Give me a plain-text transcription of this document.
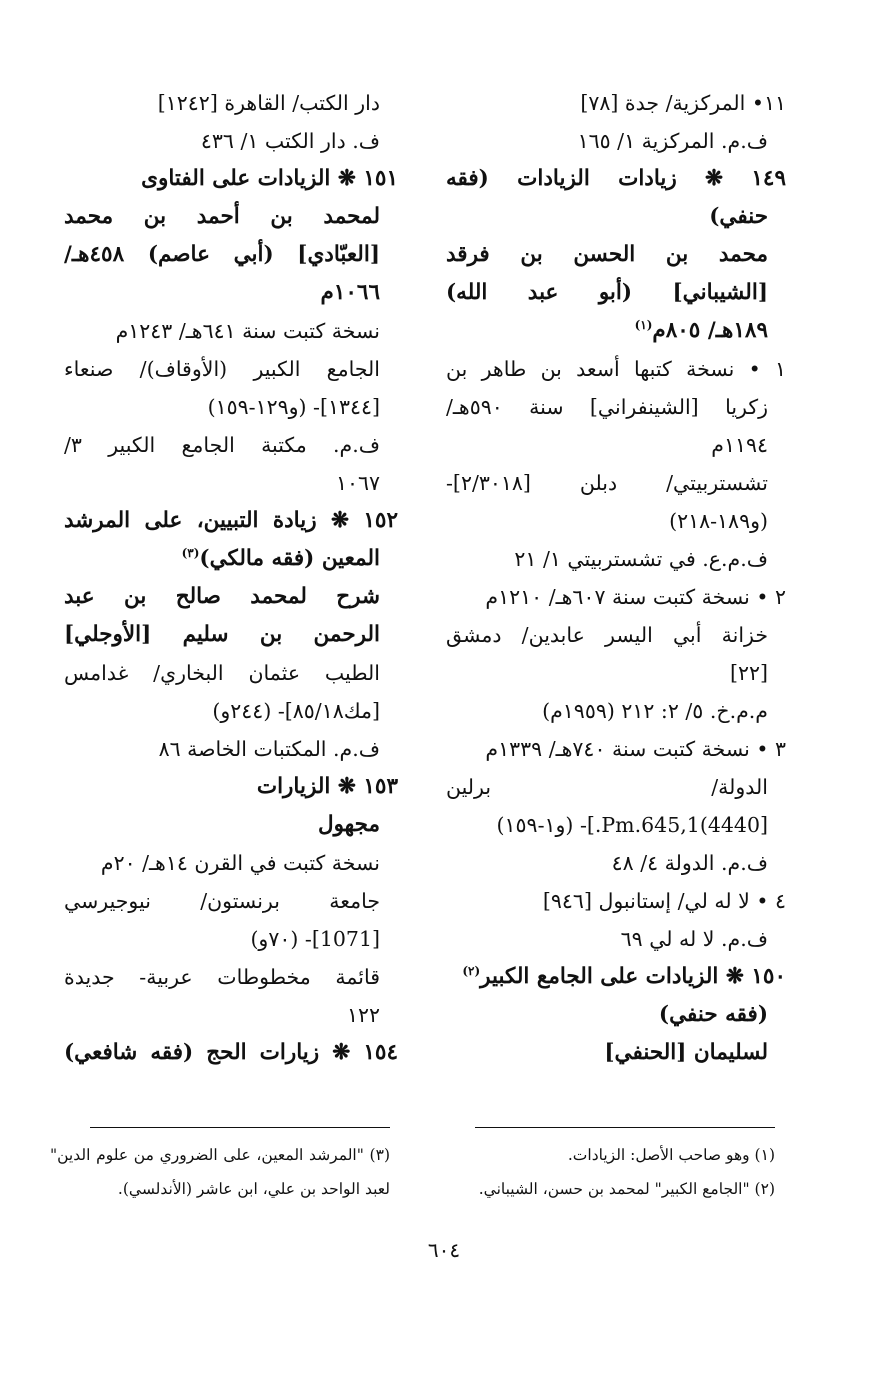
١١• المركزية/ جدة [٧٨]
ف.م. المركزية ١/ ١٦٥
١٤٩ ❋ زيادات الزيادات (فقه
حنفي)
محمد بن الحسن بن فرقد
[الشيباني] (أبو عبد الله)
١٨٩هـ/ ٨٠٥م$^{(١)}$
١ • نسخة كتبها أسعد بن طاهر بن
زكريا [الشينفراني] سنة ٥٩٠هـ/
١١٩٤م
تشستربيتي/ دبلن [٢/٣٠١٨]-
(و١٨٩-٢١٨)
ف.م.ع. في تشستربيتي ١/ ٢١
٢ • نسخة كتبت سنة ٦٠٧هـ/ ١٢١٠م
خزانة أبي اليسر عابدين/ دمشق
[٢٢]
م.م.خ. ٥/ ٢: ٢١٢ (١٩٥٩م)
٣ • نسخة كتبت سنة ٧٤٠هـ/ ١٣٣٩م
الدولة/ برلين
[4440)Pm.645,1.]- (و١-١٥٩)
ف.م. الدولة ٤/ ٤٨
٤ • لا له لي/ إستانبول [٩٤٦]
ف.م. لا له لي ٦٩
١٥٠ ❋ الزيادات على الجامع الكبير$^{(٢)}$
(فقه حنفي)
لسليمان [الحنفي]
دار الكتب/ القاهرة [١٢٤٢]
ف. دار الكتب ١/ ٤٣٦
١٥١ ❋ الزيادات على الفتاوى
لمحمد بن أحمد بن محمد
[العبّادي] (أبي عاصم) ٤٥٨هـ/
١٠٦٦م
نسخة كتبت سنة ٦٤١هـ/ ١٢٤٣م
الجامع الكبير (الأوقاف)/ صنعاء
[١٣٤٤]- (و١٢٩-١٥٩)
ف.م. مكتبة الجامع الكبير ٣/
١٠٦٧
١٥٢ ❋ زيادة التبيين، على المرشد
المعين (فقه مالكي)$^{(٣)}$
شرح لمحمد صالح بن عبد
الرحمن بن سليم [الأوجلي]
الطيب عثمان البخاري/ غدامس
[مك٨٥/١٨]- (٢٤٤و)
ف.م. المكتبات الخاصة ٨٦
١٥٣ ❋ الزيارات
مجهول
نسخة كتبت في القرن ١٤هـ/ ٢٠م
جامعة برنستون/ نيوجيرسي
[1071]- (٧٠و)
قائمة مخطوطات عربية- جديدة
١٢٢
١٥٤ ❋ زيارات الحج (فقه شافعي)
(١) وهو صاحب الأصل: الزيادات.
(٢) "الجامع الكبير" لمحمد بن حسن، الشيباني.
(٣) "المرشد المعين، على الضروري من علوم الدين"
لعبد الواحد بن علي، ابن عاشر (الأندلسي).
٦٠٤
